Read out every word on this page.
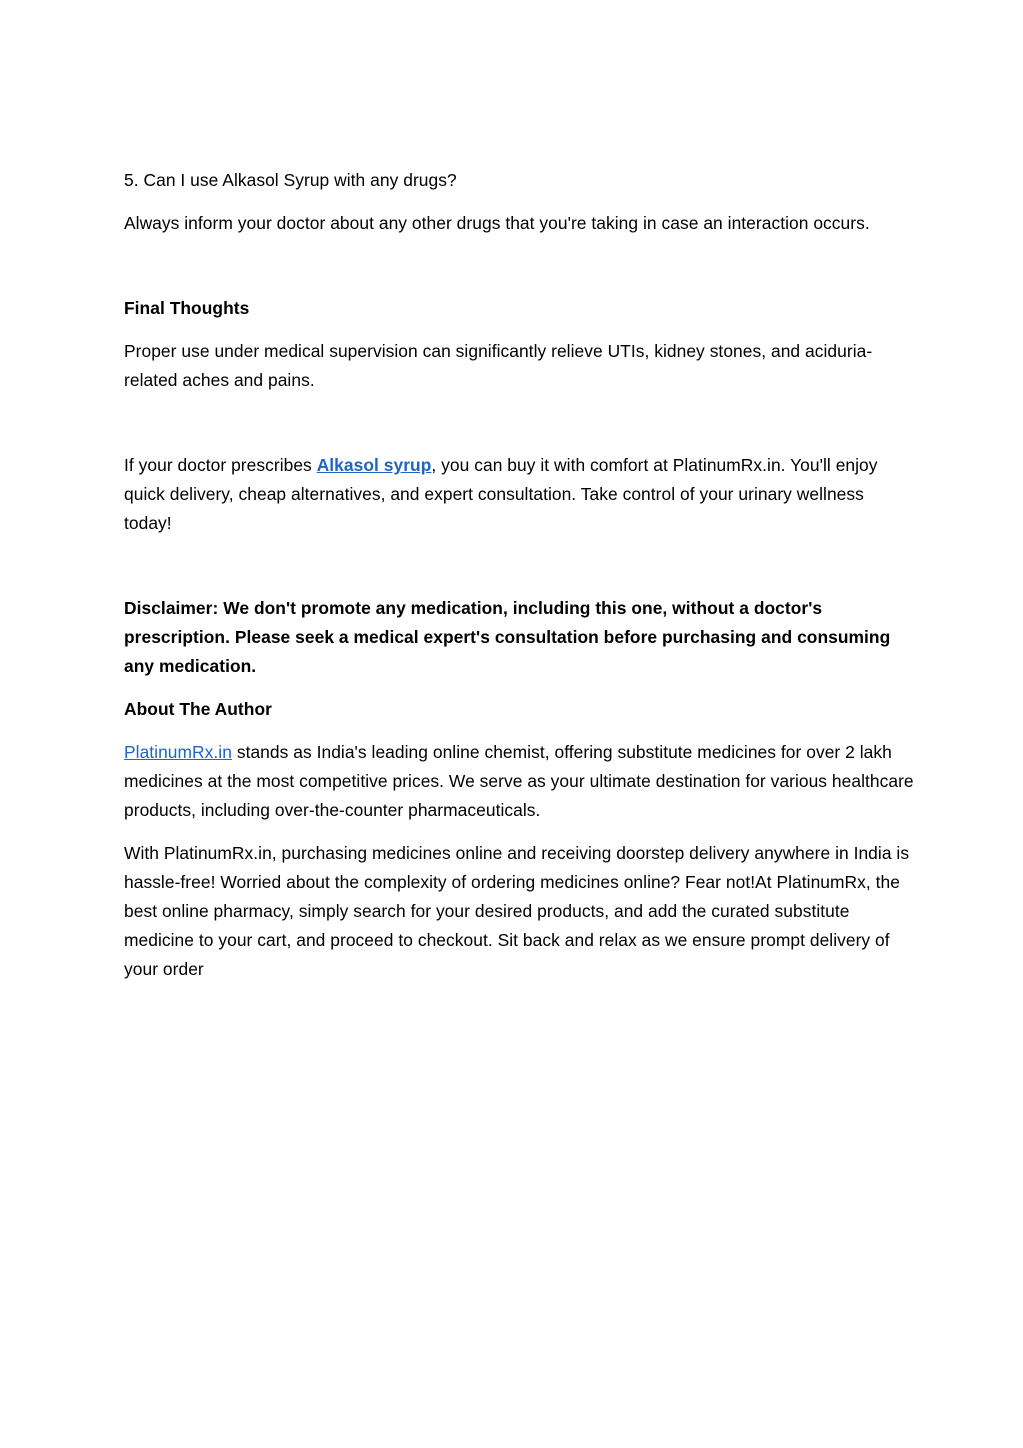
5. Can I use Alkasol Syrup with any drugs?

Always inform your doctor about any other drugs that you're taking in case an interaction occurs.

Final Thoughts

Proper use under medical supervision can significantly relieve UTIs, kidney stones, and aciduria-related aches and pains.

If your doctor prescribes Alkasol syrup, you can buy it with comfort at PlatinumRx.in. You'll enjoy quick delivery, cheap alternatives, and expert consultation. Take control of your urinary wellness today!

Disclaimer: We don't promote any medication, including this one, without a doctor's prescription. Please seek a medical expert's consultation before purchasing and consuming any medication.

About The Author

PlatinumRx.in stands as India's leading online chemist, offering substitute medicines for over 2 lakh medicines at the most competitive prices. We serve as your ultimate destination for various healthcare products, including over-the-counter pharmaceuticals.

With PlatinumRx.in, purchasing medicines online and receiving doorstep delivery anywhere in India is hassle-free! Worried about the complexity of ordering medicines online? Fear not!At PlatinumRx, the best online pharmacy, simply search for your desired products, and add the curated substitute medicine to your cart, and proceed to checkout. Sit back and relax as we ensure prompt delivery of your order
